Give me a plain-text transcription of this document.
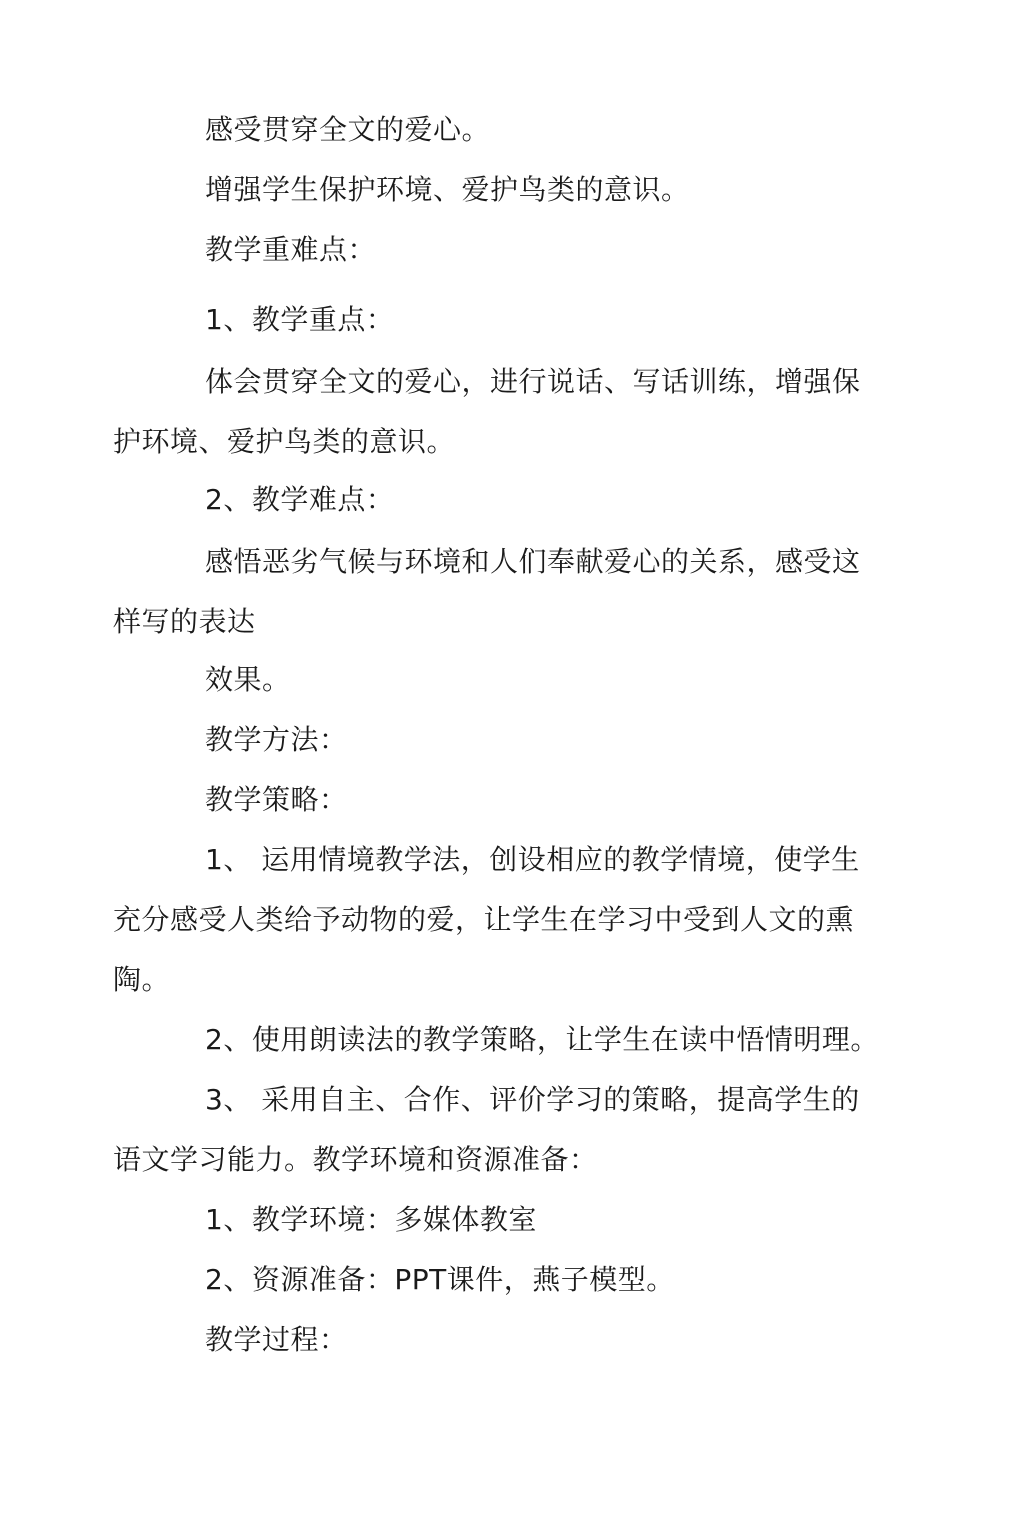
感受贯穿全文的爱心。
增强学生保护环境、爱护鸟类的意识。
教学重难点：
1、教学重点：
体会贯穿全文的爱心，进行说话、写话训练，增强保
护环境、爱护鸟类的意识。
2、教学难点：
感悟恶劣气候与环境和人们奉献爱心的关系，感受这
样写的表达
效果。
教学方法：
教学策略：
1、 运用情境教学法，创设相应的教学情境，使学生
充分感受人类给予动物的爱，让学生在学习中受到人文的熏
陶。
2、使用朗读法的教学策略，让学生在读中悟情明理。
3、 采用自主、合作、评价学习的策略，提高学生的
语文学习能力。教学环境和资源准备：
1、教学环境：多媒体教室
2、资源准备：PPT课件，燕子模型。
教学过程：
